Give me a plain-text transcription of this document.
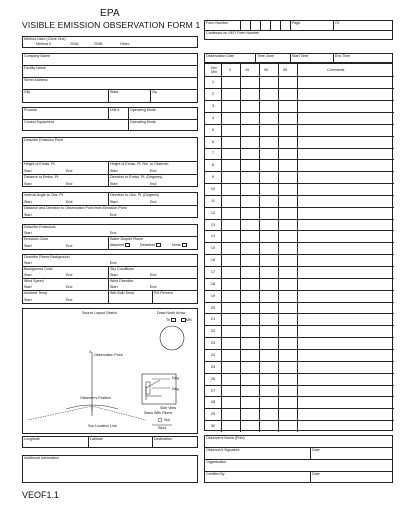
EPA
VISIBLE EMISSION OBSERVATION FORM 1
Method Used (Circle One)
Method 9	203A	203B	Other:
Company Name
Facility Name
Street Address
City	State	Zip
Process	Unit #	Operating Mode
Control Equipment	Operating Mode
Describe Emission Point
Height of Emiss. Pt.	Height of Emiss. Pt. Rel. to Observer
Start	End	Start	End
Distance to Emiss. Pt.	Direction to Emiss. Pt. (Degrees)
Start	End	Start	End
Vertical Angle to Obs. Pt.	Direction to Obs. Pt. (Degrees)
Start	End	Start	End
Distance and Direction to Observation Point from Emission Point
Start	End
Describe Emissions
Start	End
Emission Color	Water Droplet Plume
Start	End	Attached	Detached	None
Describe Plume Background
Start	End
Background Color	Sky Conditions
Start	End	Start	End
Wind Speed	Wind Direction
Start	End	Start	End
Ambient Temp.	Wet Bulb Temp.	RH Percent
Start	End
Source Layout Sketch	Draw North Arrow
Tri	MN
X
Observation Point
Observer's Position
Sun Location Line
Deg
Deg
Side View
Stack With Plume
Sun
Wind
Longitude	Latitude	Declination
Additional Information
VEOF1.1
Form Number	Page	Of
Continued on VEO Form Number
Observation Date	Time Zone	Start Time	End Time
Sec Min	0	15	30	45	Comments
1
2
3
4
5
6
7
8
9
10
11
12
13
14
15
16
17
18
19
20
21
22
23
24
25
26
27
28
29
30
Observer's Name (Print)
Observer's Signature	Date
Organization
Certified By	Date
